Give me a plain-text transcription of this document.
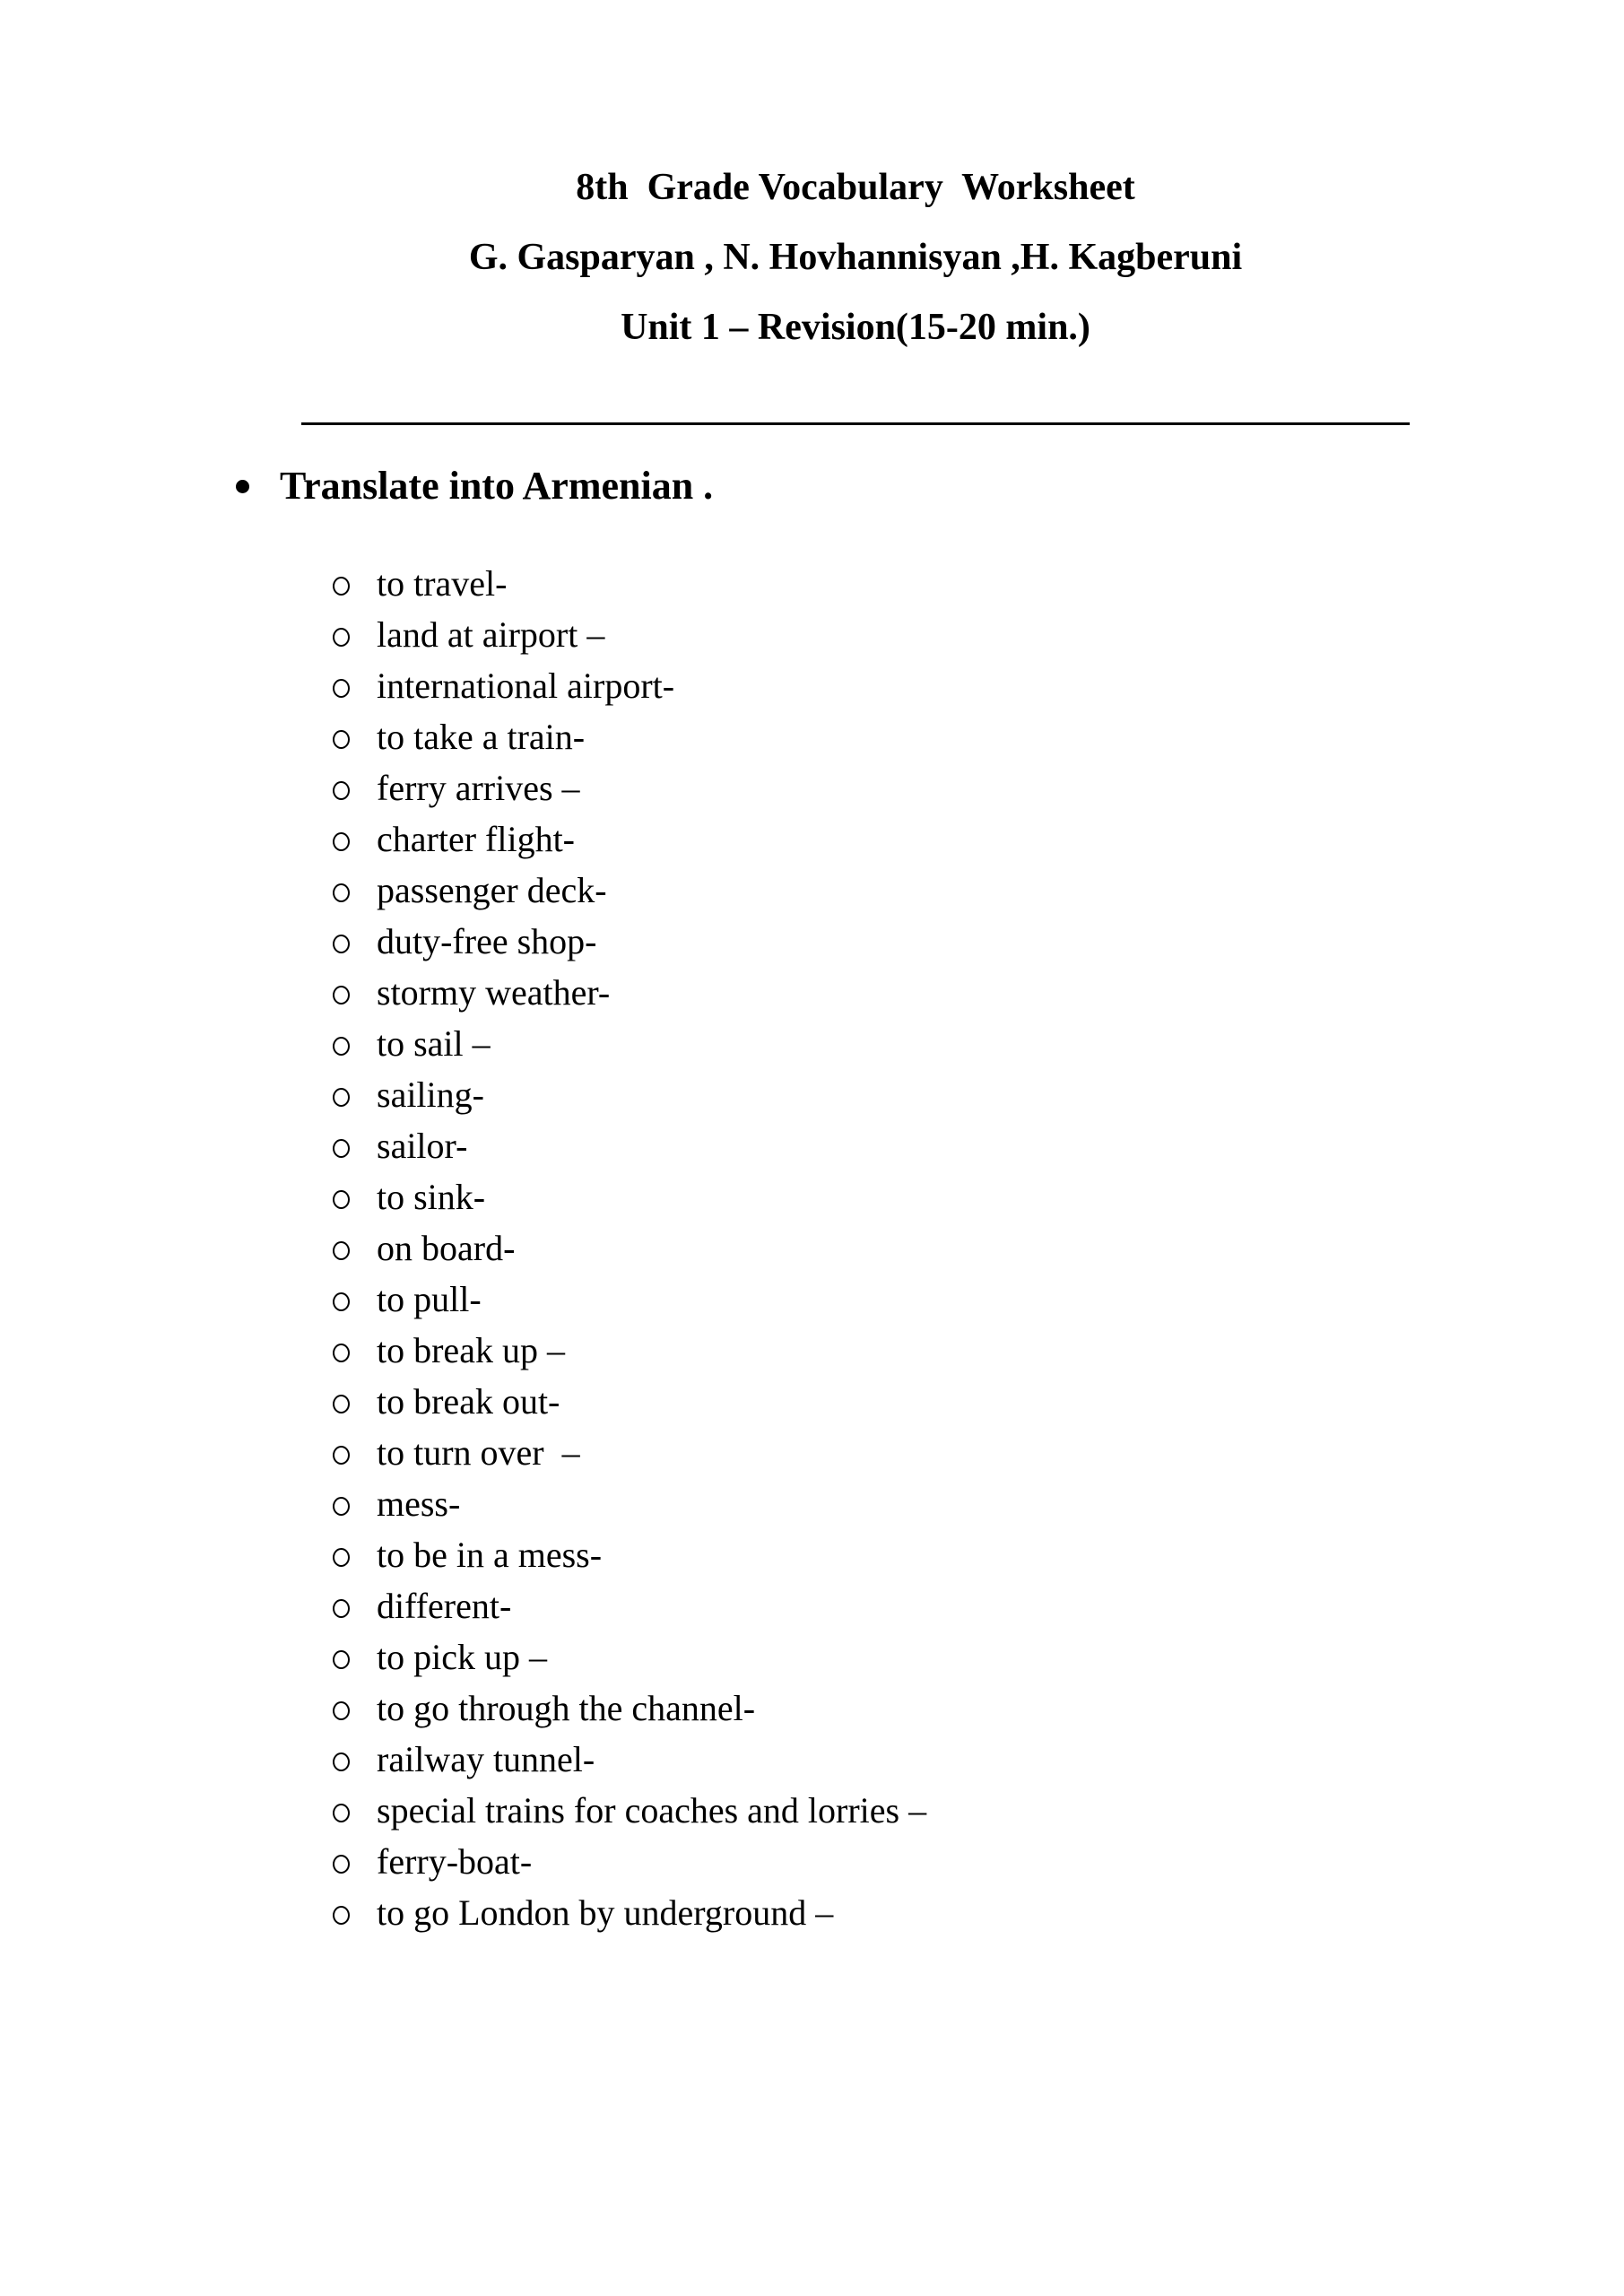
8th  Grade Vocabulary  Worksheet
G. Gasparyan , N. Hovhannisyan ,H. Kagberuni
Unit 1 – Revision(15-20 min.)
Translate into Armenian .
to travel-
land at airport –
international airport-
to take a train-
ferry arrives –
charter flight-
passenger deck-
duty-free shop-
stormy weather-
to sail –
sailing-
sailor-
to sink-
on board-
to pull-
to break up –
to break out-
to turn over  –
mess-
to be in a mess-
different-
to pick up –
to go through the channel-
railway tunnel-
special trains for coaches and lorries –
ferry-boat-
to go London by underground –
